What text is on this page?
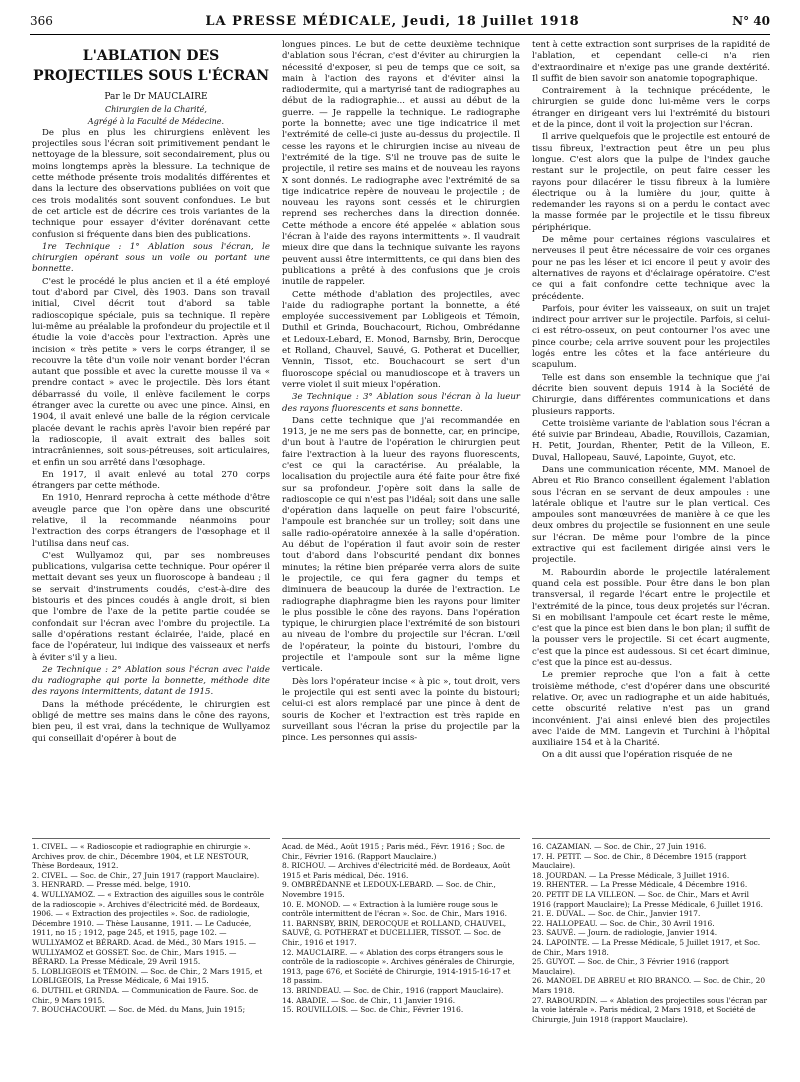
366	LA PRESSE MÉDICALE, Jeudi, 18 Juillet 1918	N° 40
L'ABLATION DES PROJECTILES SOUS L'ÉCRAN

Par le Dr MAUCLAIRE

Chirurgien de la Charité,

Agrégé à la Faculté de Médecine.

De plus en plus les chirurgiens enlèvent les projectiles sous l'écran soit primitivement pendant le nettoyage de la blessure, soit secondairement, plus ou moins longtemps après la blessure. La technique de cette méthode présente trois modalités différentes et dans la lecture des observations publiées on voit que ces trois modalités sont souvent confondues. Le but de cet article est de décrire ces trois variantes de la technique pour essayer d'éviter dorénavant cette confusion si fréquente dans bien des publications.

1re Technique : 1° Ablation sous l'écran, le chirurgien opérant sous un voile ou portant une bonnette.

C'est le procédé le plus ancien et il a été employé tout d'abord par Civel, dès 1903. Dans son travail initial, Civel décrit tout d'abord sa table radioscopique spéciale, puis sa technique. Il repère lui-même au préalable la profondeur du projectile et il étudie la voie d'accès pour l'extraction. Après une incision « très petite » vers le corps étranger, il se recouvre la tête d'un voile noir venant border l'écran autant que possible et avec la curette mousse il va « prendre contact » avec le projectile. Dès lors étant débarrassé du voile, il enlève facilement le corps étranger avec la curette ou avec une pince. Ainsi, en 1904, il avait enlevé une balle de la région cervicale placée devant le rachis après l'avoir bien repéré par la radioscopie, il avait extrait des balles soit intracrâniennes, soit sous-pétreuses, soit articulaires, et enfin un sou arrêté dans l'œsophage.

En 1917, il avait enlevé au total 270 corps étrangers par cette méthode.

En 1910, Henrard reprocha à cette méthode d'être aveugle parce que l'on opère dans une obscurité relative, il la recommande néanmoins pour l'extraction des corps étrangers de l'œsophage et il l'utilisa dans neuf cas.

C'est Wullyamoz qui, par ses nombreuses publications, vulgarisa cette technique. Pour opérer il mettait devant ses yeux un fluoroscope à bandeau ; il se servait d'instruments coudés, c'est-à-dire des bistouris et des pinces coudés à angle droit, si bien que l'ombre de l'axe de la petite partie coudée se confondait sur l'écran avec l'ombre du projectile. La salle d'opérations restant éclairée, l'aide, placé en face de l'opérateur, lui indique des vaisseaux et nerfs à éviter s'il y a lieu.

2e Technique : 2° Ablation sous l'écran avec l'aide du radiographe qui porte la bonnette, méthode dite des rayons intermittents, datant de 1915.

Dans la méthode précédente, le chirurgien est obligé de mettre ses mains dans le cône des rayons, bien peu, il est vrai, dans la technique de Wullyamoz qui conseillait d'opérer à bout de

longues pinces. Le but de cette deuxième technique d'ablation sous l'écran, c'est d'éviter au chirurgien la nécessité d'exposer, si peu de temps que ce soit, sa main à l'action des rayons et d'éviter ainsi la radiodermite, qui a martyrisé tant de radiographes au début de la radiographie... et aussi au début de la guerre. — Je rappelle la technique. Le radiographe porte la bonnette; avec une tige indicatrice il met l'extrémité de celle-ci juste au-dessus du projectile. Il cesse les rayons et le chirurgien incise au niveau de l'extrémité de la tige. S'il ne trouve pas de suite le projectile, il retire ses mains et de nouveau les rayons X sont donnés. Le radiographe avec l'extrémité de sa tige indicatrice repère de nouveau le projectile ; de nouveau les rayons sont cessés et le chirurgien reprend ses recherches dans la direction donnée. Cette méthode a encore été appelée « ablation sous l'écran à l'aide des rayons intermittents ». Il vaudrait mieux dire que dans la technique suivante les rayons peuvent aussi être intermittents, ce qui dans bien des publications a prêté à des confusions que je crois inutile de rappeler.

Cette méthode d'ablation des projectiles, avec l'aide du radiographe portant la bonnette, a été employée successivement par Lobligeois et Témoin, Duthil et Grinda, Bouchacourt, Richou, Ombrédanne et Ledoux-Lebard, E. Monod, Barnsby, Brin, Derocque et Rolland, Chauvel, Sauvé, G. Potherat et Ducellier, Vennin, Tissot, etc. Bouchacourt se sert d'un fluoroscope spécial ou manudioscope et à travers un verre violet il suit mieux l'opération.

3e Technique : 3° Ablation sous l'écran à la lueur des rayons fluorescents et sans bonnette.

Dans cette technique que j'ai recommandée en 1913, je ne me sers pas de bonnette, car, en principe, d'un bout à l'autre de l'opération le chirurgien peut faire l'extraction à la lueur des rayons fluorescents, c'est ce qui la caractérise. Au préalable, la localisation du projectile aura été faite pour être fixé sur sa profondeur. J'opère soit dans la salle de radioscopie ce qui n'est pas l'idéal; soit dans une salle d'opération dans laquelle on peut faire l'obscurité, l'ampoule est branchée sur un trolley; soit dans une salle radio-opératoire annexée à la salle d'opération. Au début de l'opération il faut avoir soin de rester tout d'abord dans l'obscurité pendant dix bonnes minutes; la rétine bien préparée verra alors de suite le projectile, ce qui fera gagner du temps et diminuera de beaucoup la durée de l'extraction. Le radiographe diaphragme bien les rayons pour limiter le plus possible le cône des rayons. Dans l'opération typique, le chirurgien place l'extrémité de son bistouri au niveau de l'ombre du projectile sur l'écran. L'œil de l'opérateur, la pointe du bistouri, l'ombre du projectile et l'ampoule sont sur la même ligne verticale.

Dès lors l'opérateur incise « à pic », tout droit, vers le projectile qui est senti avec la pointe du bistouri; celui-ci est alors remplacé par une pince à dent de souris de Kocher et l'extraction est très rapide en surveillant sous l'écran la prise du projectile par la pince. Les personnes qui assis-

tent à cette extraction sont surprises de la rapidité de l'ablation, et cependant celle-ci n'a rien d'extraordinaire et n'exige pas une grande dextérité. Il suffit de bien savoir son anatomie topographique.

Contrairement à la technique précédente, le chirurgien se guide donc lui-même vers le corps étranger en dirigeant vers lui l'extrémité du bistouri et de la pince, dont il voit la projection sur l'écran.

Il arrive quelquefois que le projectile est entouré de tissu fibreux, l'extraction peut être un peu plus longue. C'est alors que la pulpe de l'index gauche restant sur le projectile, on peut faire cesser les rayons pour dilacérer le tissu fibreux à la lumière électrique ou à la lumière du jour, quitte à redemander les rayons si on a perdu le contact avec la masse formée par le projectile et le tissu fibreux périphérique.

De même pour certaines régions vasculaires et nerveuses il peut être nécessaire de voir ces organes pour ne pas les léser et ici encore il peut y avoir des alternatives de rayons et d'éclairage opératoire. C'est ce qui a fait confondre cette technique avec la précédente.

Parfois, pour éviter les vaisseaux, on suit un trajet indirect pour arriver sur le projectile. Parfois, si celui-ci est rétro-osseux, on peut contourner l'os avec une pince courbe; cela arrive souvent pour les projectiles logés entre les côtes et la face antérieure du scapulum.

Telle est dans son ensemble la technique que j'ai décrite bien souvent depuis 1914 à la Société de Chirurgie, dans différentes communications et dans plusieurs rapports.

Cette troisième variante de l'ablation sous l'écran a été suivie par Brindeau, Abadie, Rouvillois, Cazamian, H. Petit, Jourdan, Rhenter, Petit de la Villeon, E. Duval, Hallopeau, Sauvé, Lapointe, Guyot, etc.

Dans une communication récente, MM. Manoel de Abreu et Rio Branco conseillent également l'ablation sous l'écran en se servant de deux ampoules : une latérale oblique et l'autre sur le plan vertical. Ces ampoules sont manœuvrées de manière à ce que les deux ombres du projectile se fusionnent en une seule sur l'écran. De même pour l'ombre de la pince extractive qui est facilement dirigée ainsi vers le projectile.

M. Rabourdin aborde le projectile latéralement quand cela est possible. Pour être dans le bon plan transversal, il regarde l'écart entre le projectile et l'extrémité de la pince, tous deux projetés sur l'écran. Si en mobilisant l'ampoule cet écart reste le même, c'est que la pince est bien dans le bon plan; il suffit de la pousser vers le projectile. Si cet écart augmente, c'est que la pince est audessous. Si cet écart diminue, c'est que la pince est au-dessus.

Le premier reproche que l'on a fait à cette troisième méthode, c'est d'opérer dans une obscurité relative. Or, avec un radiographe et un aide habitués, cette obscurité relative n'est pas un grand inconvénient. J'ai ainsi enlevé bien des projectiles avec l'aide de MM. Langevin et Turchini à l'hôpital auxiliaire 154 et à la Charité.

On a dit aussi que l'opération risquée de ne

1. CIVEL. — « Radioscopie et radiographie en chirurgie ». Archives prov. de chir., Décembre 1904, et LE NESTOUR, Thèse Bordeaux, 1912.
2. CIVEL. — Soc. de Chir., 27 Juin 1917 (rapport Mauclaire).
3. HENRARD. — Presse méd. belge, 1910.
4. WULLYAMOZ. — « Extraction des aiguilles sous le contrôle de la radioscopie ». Archives d'électricité méd. de Bordeaux, 1906. — « Extraction des projectiles ». Soc. de radiologie, Décembre 1910. — Thèse Lausanne, 1911. — Le Caducée, 1911, no 15 ; 1912, page 245, et 1915, page 102. — WULLYAMOZ et BÉRARD. Acad. de Méd., 30 Mars 1915. — WULLYAMOZ et GOSSET. Soc. de Chir., Mars 1915. — BÉRARD. La Presse Médicale, 29 Avril 1915.
5. LOBLIGEOIS et TÉMOIN. — Soc. de Chir., 2 Mars 1915, et LOBLIGEOIS, La Presse Médicale, 6 Mai 1915.
6. DUTHIL et GRINDA. — Communication de Faure. Soc. de Chir., 9 Mars 1915.
7. BOUCHACOURT. — Soc. de Méd. du Mans, Juin 1915;
Acad. de Méd., Août 1915 ; Paris méd., Févr. 1916 ; Soc. de Chir., Février 1916. (Rapport Mauclaire.)
8. RICHOU. — Archives d'électricité méd. de Bordeaux, Août 1915 et Paris médical, Déc. 1916.
9. OMBRÉDANNE et LEDOUX-LEBARD. — Soc. de Chir., Novembre 1915.
10. E. MONOD. — « Extraction à la lumière rouge sous le contrôle intermittent de l'écran ». Soc. de Chir., Mars 1916.
11. BARNSBY, BRIN, DEROCQUE et ROLLAND, CHAUVEL, SAUVÉ, G. POTHERAT et DUCELLIER, TISSOT. — Soc. de Chir., 1916 et 1917.
12. MAUCLAIRE. — « Ablation des corps étrangers sous le contrôle de la radioscopie ». Archives générales de Chirurgie, 1913, page 676, et Société de Chirurgie, 1914-1915-16-17 et 18 passim.
13. BRINDEAU. — Soc. de Chir., 1916 (rapport Mauclaire).
14. ABADIE. — Soc. de Chir., 11 Janvier 1916.
15. ROUVILLOIS. — Soc. de Chir., Février 1916.
16. CAZAMIAN. — Soc. de Chir., 27 Juin 1916.
17. H. PETIT. — Soc. de Chir., 8 Décembre 1915 (rapport Mauclaire).
18. JOURDAN. — La Presse Médicale, 3 Juillet 1916.
19. RHENTER. — La Presse Médicale, 4 Décembre 1916.
20. PETIT DE LA VILLEON. — Soc. de Chir., Mars et Avril 1916 (rapport Mauclaire); La Presse Médicale, 6 Juillet 1916.
21. E. DUVAL. — Soc. de Chir., Janvier 1917.
22. HALLOPEAU. — Soc. de Chir., 30 Avril 1916.
23. SAUVÉ. — Journ. de radiologie, Janvier 1914.
24. LAPOINTE. — La Presse Médicale, 5 Juillet 1917, et Soc. de Chir., Mars 1918.
25. GUYOT. — Soc. de Chir., 3 Février 1916 (rapport Mauclaire).
26. MANOEL DE ABREU et RIO BRANCO. — Soc. de Chir., 20 Mars 1918.
27. RABOURDIN. — « Ablation des projectiles sous l'écran par la voie latérale ». Paris médical, 2 Mars 1918, et Société de Chirurgie, Juin 1918 (rapport Mauclaire).
